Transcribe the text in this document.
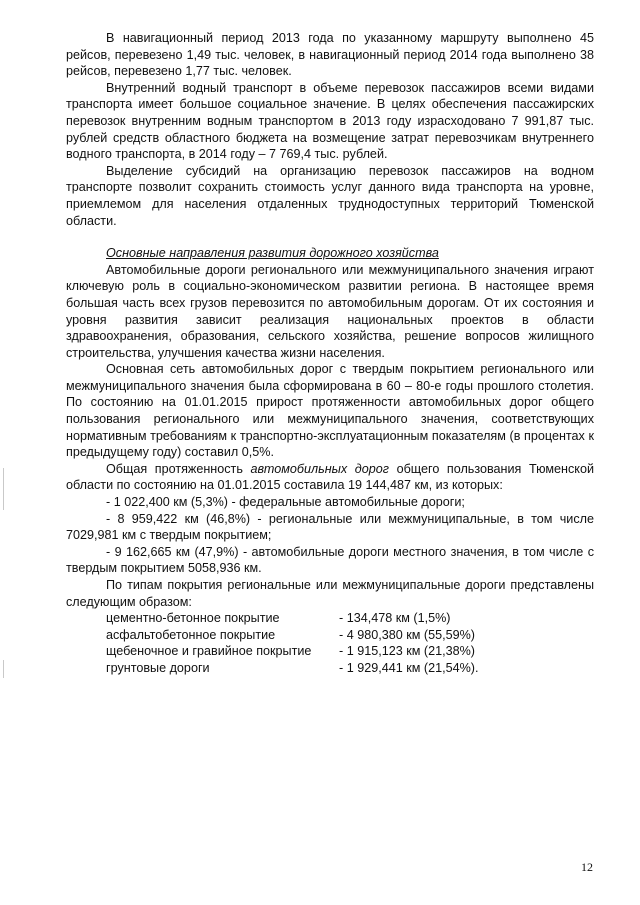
В навигационный период 2013 года по указанному маршруту выполнено 45 рейсов, перевезено 1,49 тыс. человек, в навигационный период 2014 года выполнено 38 рейсов, перевезено 1,77 тыс. человек.

Внутренний водный транспорт в объеме перевозок пассажиров всеми видами транспорта имеет большое социальное значение. В целях обеспечения пассажирских перевозок внутренним водным транспортом в 2013 году израсходовано 7 991,87 тыс. рублей средств областного бюджета на возмещение затрат перевозчикам внутреннего водного транспорта, в 2014 году – 7 769,4 тыс. рублей.

Выделение субсидий на организацию перевозок пассажиров на водном транспорте позволит сохранить стоимость услуг данного вида транспорта на уровне, приемлемом для населения отдаленных труднодоступных территорий Тюменской области.

Основные направления развития дорожного хозяйства

Автомобильные дороги регионального или межмуниципального значения играют ключевую роль в социально-экономическом развитии региона. В настоящее время большая часть всех грузов перевозится по автомобильным дорогам. От их состояния и уровня развития зависит реализация национальных проектов в области здравоохранения, образования, сельского хозяйства, решение вопросов жилищного строительства, улучшения качества жизни населения.

Основная сеть автомобильных дорог с твердым покрытием регионального или межмуниципального значения была сформирована в 60 – 80-е годы прошлого столетия. По состоянию на 01.01.2015 прирост протяженности автомобильных дорог общего пользования регионального или межмуниципального значения, соответствующих нормативным требованиям к транспортно-эксплуатационным показателям (в процентах к предыдущему году) составил 0,5%.

Общая протяженность автомобильных дорог общего пользования Тюменской области по состоянию на 01.01.2015 составила 19 144,487 км, из которых:

- 1 022,400 км (5,3%) - федеральные автомобильные дороги;
- 8 959,422 км (46,8%) - региональные или межмуниципальные, в том числе 7029,981 км с твердым покрытием;
- 9 162,665 км (47,9%) - автомобильные дороги местного значения, в том числе с твердым покрытием 5058,936 км.

По типам покрытия региональные или межмуниципальные дороги представлены следующим образом:

цементно-бетонное покрытие	- 134,478 км (1,5%)
асфальтобетонное покрытие	- 4 980,380 км (55,59%)
щебеночное и гравийное покрытие	- 1 915,123 км (21,38%)
грунтовые дороги	- 1 929,441 км (21,54%).
12
